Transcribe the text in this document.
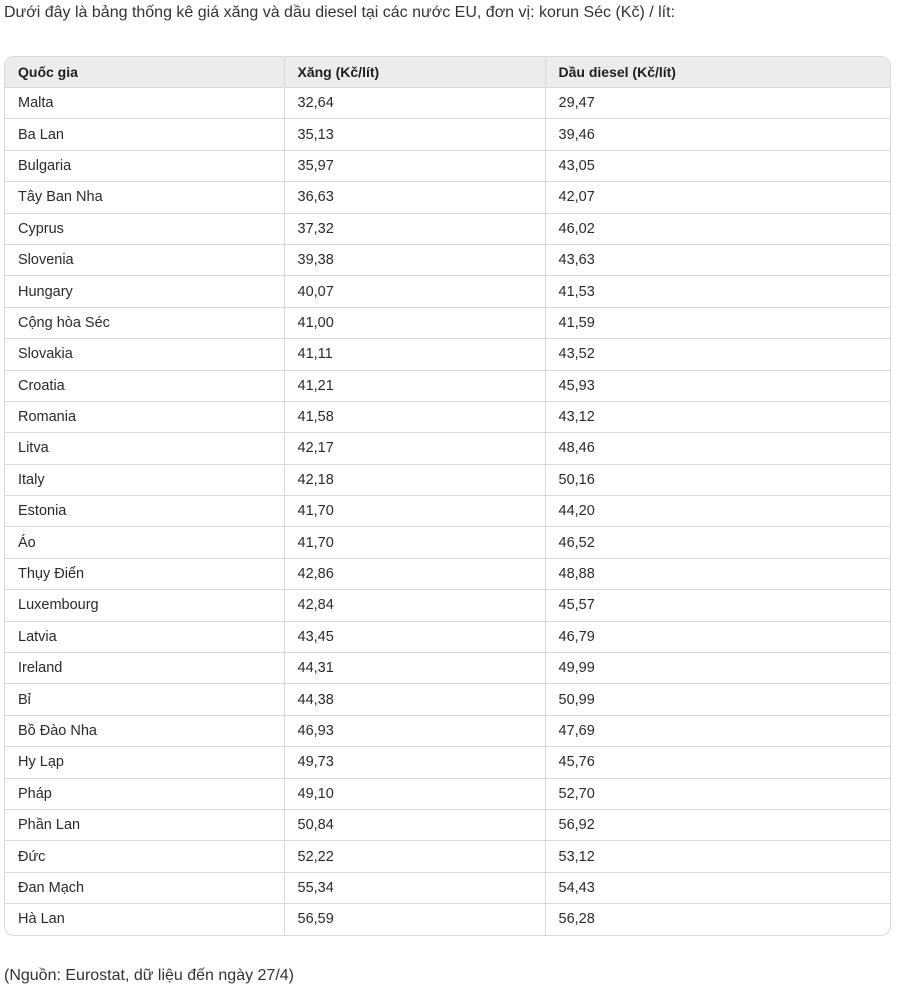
Dưới đây là bảng thống kê giá xăng và dầu diesel tại các nước EU, đơn vị: korun Séc (Kč) / lít:
Quốc gia	Xăng (Kč/lít)	Dầu diesel (Kč/lít)
Malta	32,64	29,47
Ba Lan	35,13	39,46
Bulgaria	35,97	43,05
Tây Ban Nha	36,63	42,07
Cyprus	37,32	46,02
Slovenia	39,38	43,63
Hungary	40,07	41,53
Cộng hòa Séc	41,00	41,59
Slovakia	41,11	43,52
Croatia	41,21	45,93
Romania	41,58	43,12
Litva	42,17	48,46
Italy	42,18	50,16
Estonia	41,70	44,20
Áo	41,70	46,52
Thụy Điển	42,86	48,88
Luxembourg	42,84	45,57
Latvia	43,45	46,79
Ireland	44,31	49,99
Bỉ	44,38	50,99
Bồ Đào Nha	46,93	47,69
Hy Lạp	49,73	45,76
Pháp	49,10	52,70
Phần Lan	50,84	56,92
Đức	52,22	53,12
Đan Mạch	55,34	54,43
Hà Lan	56,59	56,28
(Nguồn: Eurostat, dữ liệu đến ngày 27/4)
